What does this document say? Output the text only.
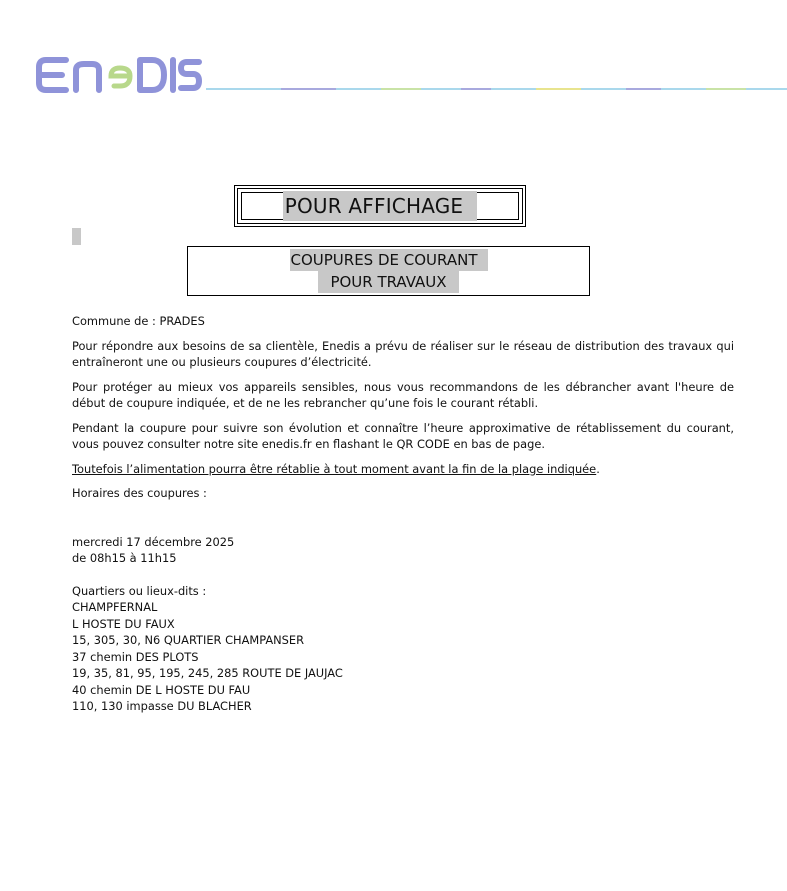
POUR AFFICHAGE
COUPURES DE COURANT
POUR TRAVAUX

Commune de : PRADES

Pour répondre aux besoins de sa clientèle, Enedis a prévu de réaliser sur le réseau de distribution des travaux qui entraîneront une ou plusieurs coupures d’électricité.

Pour protéger au mieux vos appareils sensibles, nous vous recommandons de les débrancher avant l'heure de début de coupure indiquée, et de ne les rebrancher qu’une fois le courant rétabli.

Pendant la coupure pour suivre son évolution et connaître l’heure approximative de rétablissement du courant, vous pouvez consulter notre site enedis.fr en flashant le QR CODE en bas de page.

Toutefois l’alimentation pourra être rétablie à tout moment avant la fin de la plage indiquée.

Horaires des coupures :

mercredi 17 décembre 2025
de 08h15 à 11h15
Quartiers ou lieux-dits :
CHAMPFERNAL
L HOSTE DU FAUX
15, 305, 30, N6 QUARTIER CHAMPANSER
37 chemin DES PLOTS
19, 35, 81, 95, 195, 245, 285 ROUTE DE JAUJAC
40 chemin DE L HOSTE DU FAU
110, 130 impasse DU BLACHER
